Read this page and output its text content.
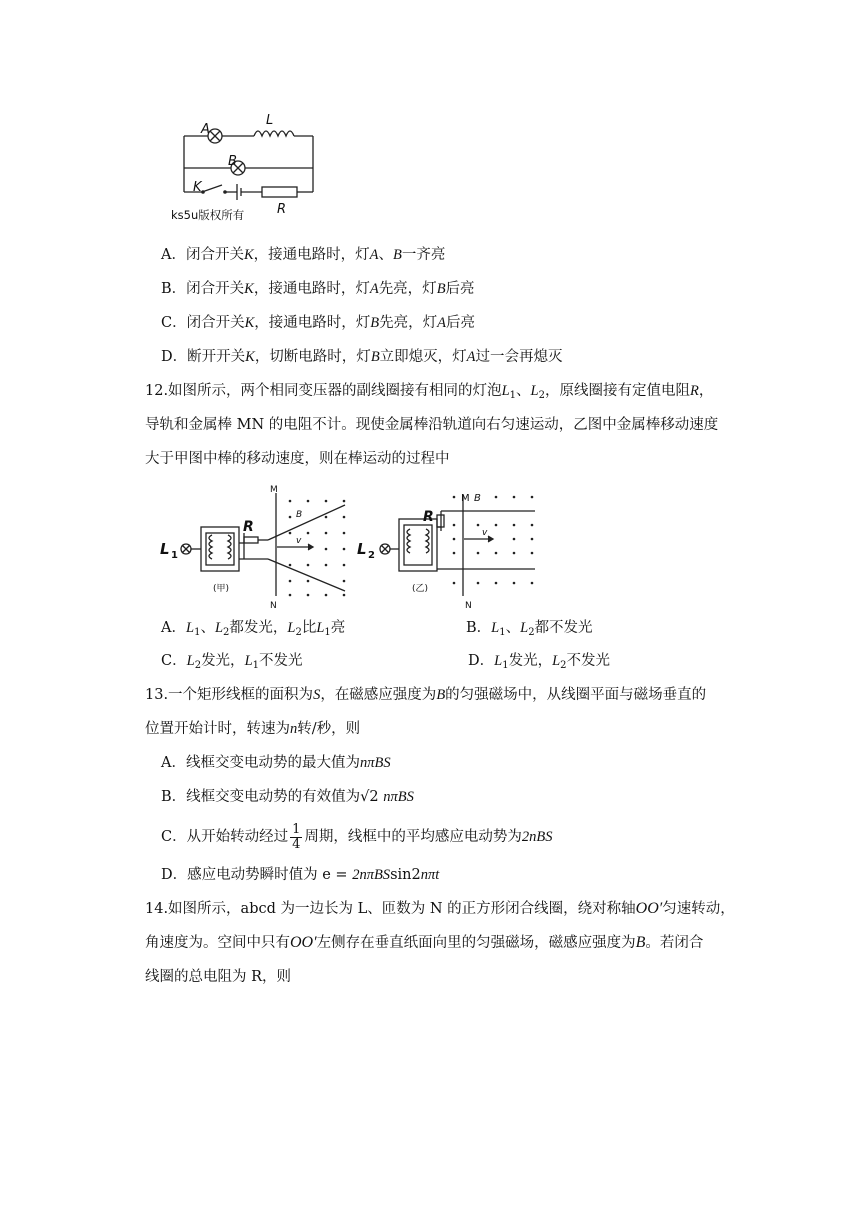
A
L
B
K
R
ks5u版权所有
A．闭合开关K，接通电路时，灯A、B一齐亮
B．闭合开关K，接通电路时，灯A先亮，灯B后亮
C．闭合开关K，接通电路时，灯B先亮，灯A后亮
D．断开开关K，切断电路时，灯B立即熄灭，灯A过一会再熄灭
12.如图所示，两个相同变压器的副线圈接有相同的灯泡$L_1$、$L_2$，原线圈接有定值电阻R，
导轨和金属棒 MN 的电阻不计。现使金属棒沿轨道向右匀速运动，乙图中金属棒移动速度
大于甲图中棒的移动速度，则在棒运动的过程中
L 1
R
M
N
B
v
(甲)
L 2
R
M B
N
v
(乙)
A．$L_1$、$L_2$都发光，$L_2$比$L_1$亮	B．$L_1$、$L_2$都不发光
C．$L_2$发光，$L_1$不发光	D．$L_1$发光，$L_2$不发光
13.一个矩形线框的面积为S，在磁感应强度为B的匀强磁场中，从线圈平面与磁场垂直的
位置开始计时，转速为n转/秒，则
A．线框交变电动势的最大值为nπBS
B．线框交变电动势的有效值为√2 nπBS
C．从开始转动经过 $\frac{1}{4}$ 周期，线框中的平均感应电动势为2nBS
D．感应电动势瞬时值为 e = 2nπBSsin2nπt
14.如图所示，abcd 为一边长为 L、匝数为 N 的正方形闭合线圈，绕对称轴OO′匀速转动，
角速度为。空间中只有OO′左侧存在垂直纸面向里的匀强磁场，磁感应强度为B。若闭合
线圈的总电阻为 R，则
